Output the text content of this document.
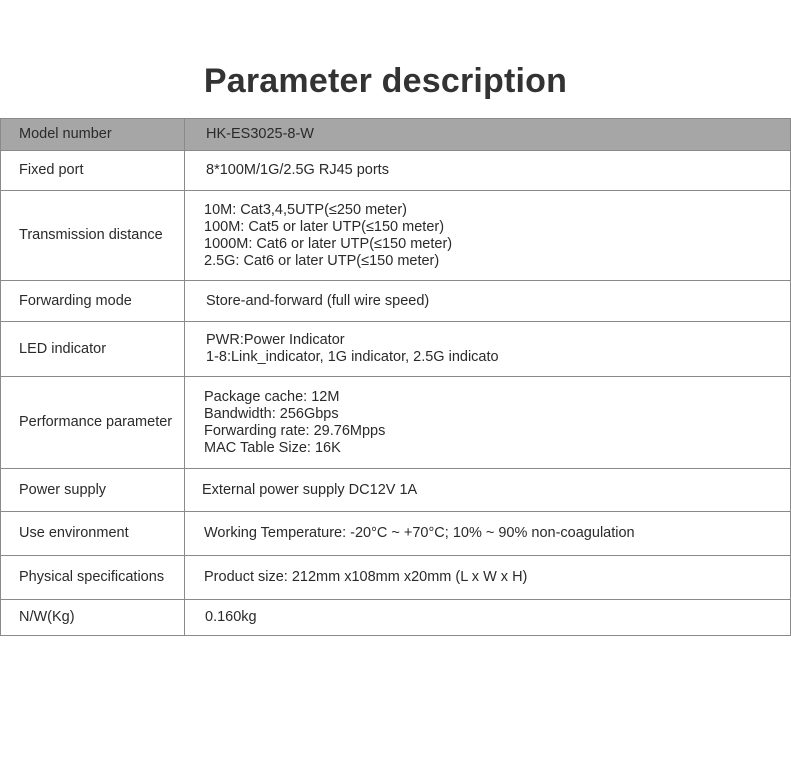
Parameter description
Model number	HK-ES3025-8-W
Fixed port	8*100M/1G/2.5G RJ45 ports

Transmission distance	10M: Cat3,4,5UTP(≤250 meter)
100M: Cat5 or later UTP(≤150 meter)
1000M: Cat6 or later UTP(≤150 meter)
2.5G: Cat6 or later UTP(≤150 meter)

Forwarding mode	Store-and-forward (full wire speed)

LED indicator	PWR:Power Indicator
1-8:Link_indicator, 1G indicator, 2.5G indicato

Performance parameter	Package cache: 12M
Bandwidth: 256Gbps
Forwarding rate: 29.76Mpps
MAC Table Size: 16K

Power supply	External power supply DC12V 1A

Use environment	Working Temperature: -20°C ~ +70°C; 10% ~ 90% non-coagulation

Physical specifications	Product size: 212mm x108mm x20mm (L x W x H)

N/W(Kg)	0.160kg
